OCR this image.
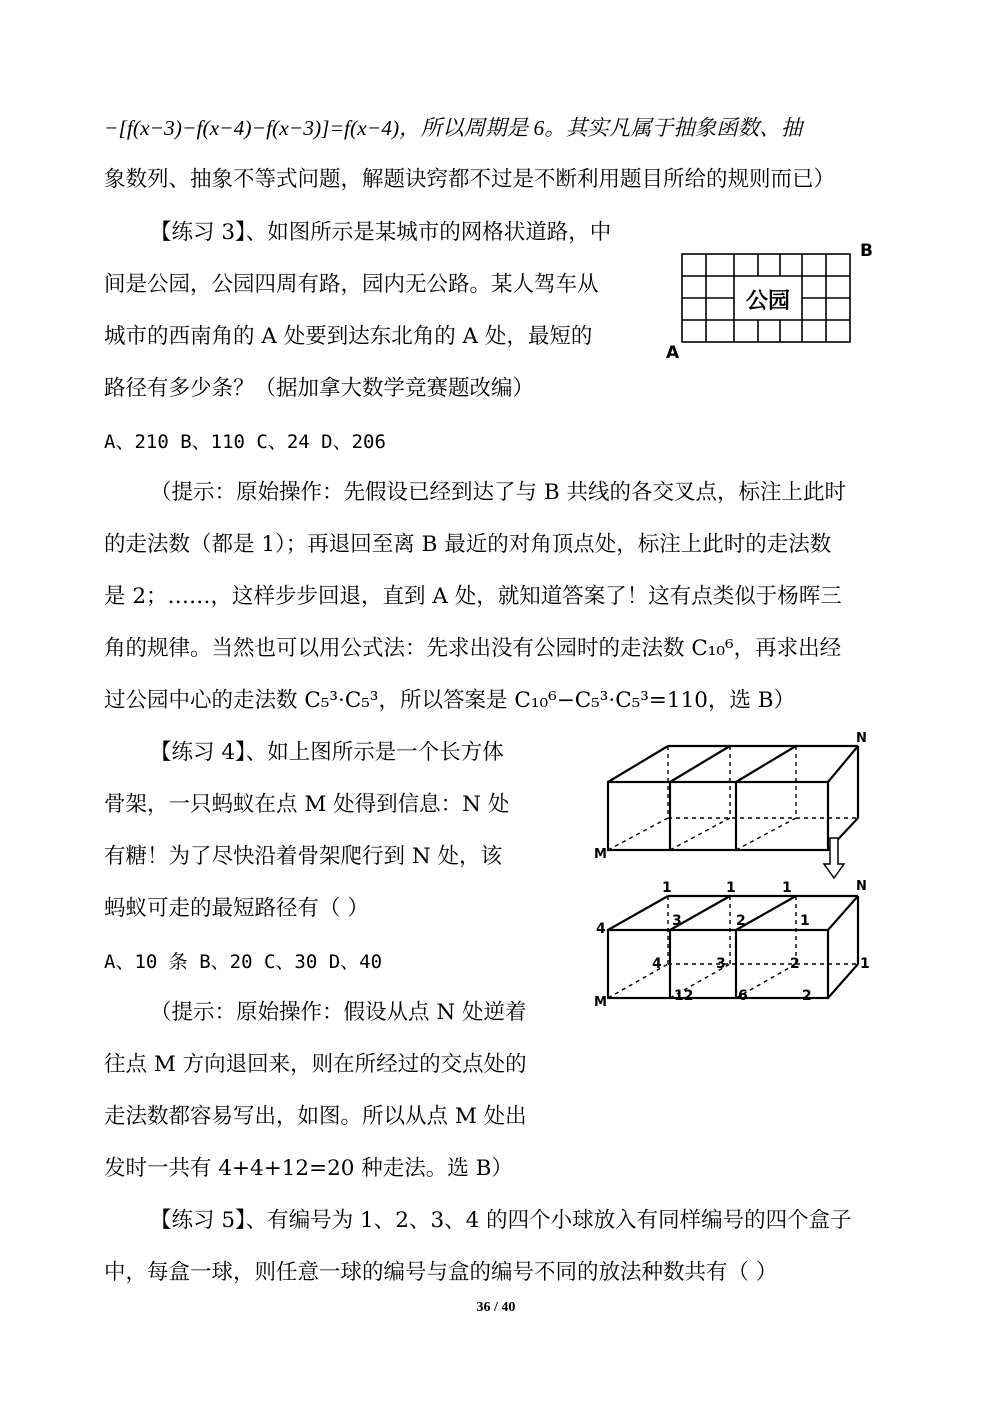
−[f(x−3)−f(x−4)−f(x−3)]=f(x−4)，所以周期是 6。其实凡属于抽象函数、抽
象数列、抽象不等式问题，解题诀窍都不过是不断利用题目所给的规则而已）
【练习 3】、如图所示是某城市的网格状道路，中
间是公园，公园四周有路，园内无公路。某人驾车从
城市的西南角的 A 处要到达东北角的 A 处，最短的
路径有多少条？（据加拿大数学竞赛题改编）
A、210 B、110 C、24 D、206
（提示：原始操作：先假设已经到达了与 B 共线的各交叉点，标注上此时
的走法数（都是 1）；再退回至离 B 最近的对角顶点处，标注上此时的走法数
是 2；……，这样步步回退，直到 A 处，就知道答案了！这有点类似于杨晖三
角的规律。当然也可以用公式法：先求出没有公园时的走法数 C₁₀⁶，再求出经
过公园中心的走法数 C₅³·C₅³，所以答案是 C₁₀⁶−C₅³·C₅³=110，选 B）
【练习 4】、如上图所示是一个长方体
骨架，一只蚂蚁在点 M 处得到信息：N 处
有糖！为了尽快沿着骨架爬行到 N 处，该
蚂蚁可走的最短路径有（ ）
A、10 条 B、20 C、30 D、40
（提示：原始操作：假设从点 N 处逆着
往点 M 方向退回来，则在所经过的交点处的
走法数都容易写出，如图。所以从点 M 处出
发时一共有 4+4+12=20 种走法。选 B）
【练习 5】、有编号为 1、2、3、4 的四个小球放入有同样编号的四个盒子
中，每盒一球，则任意一球的编号与盒的编号不同的放法种数共有（ ）
公园
B
A
N
M
1	1	1	N
3	2	1
4
4	3	2	1
12	6	2
M
36 / 40
